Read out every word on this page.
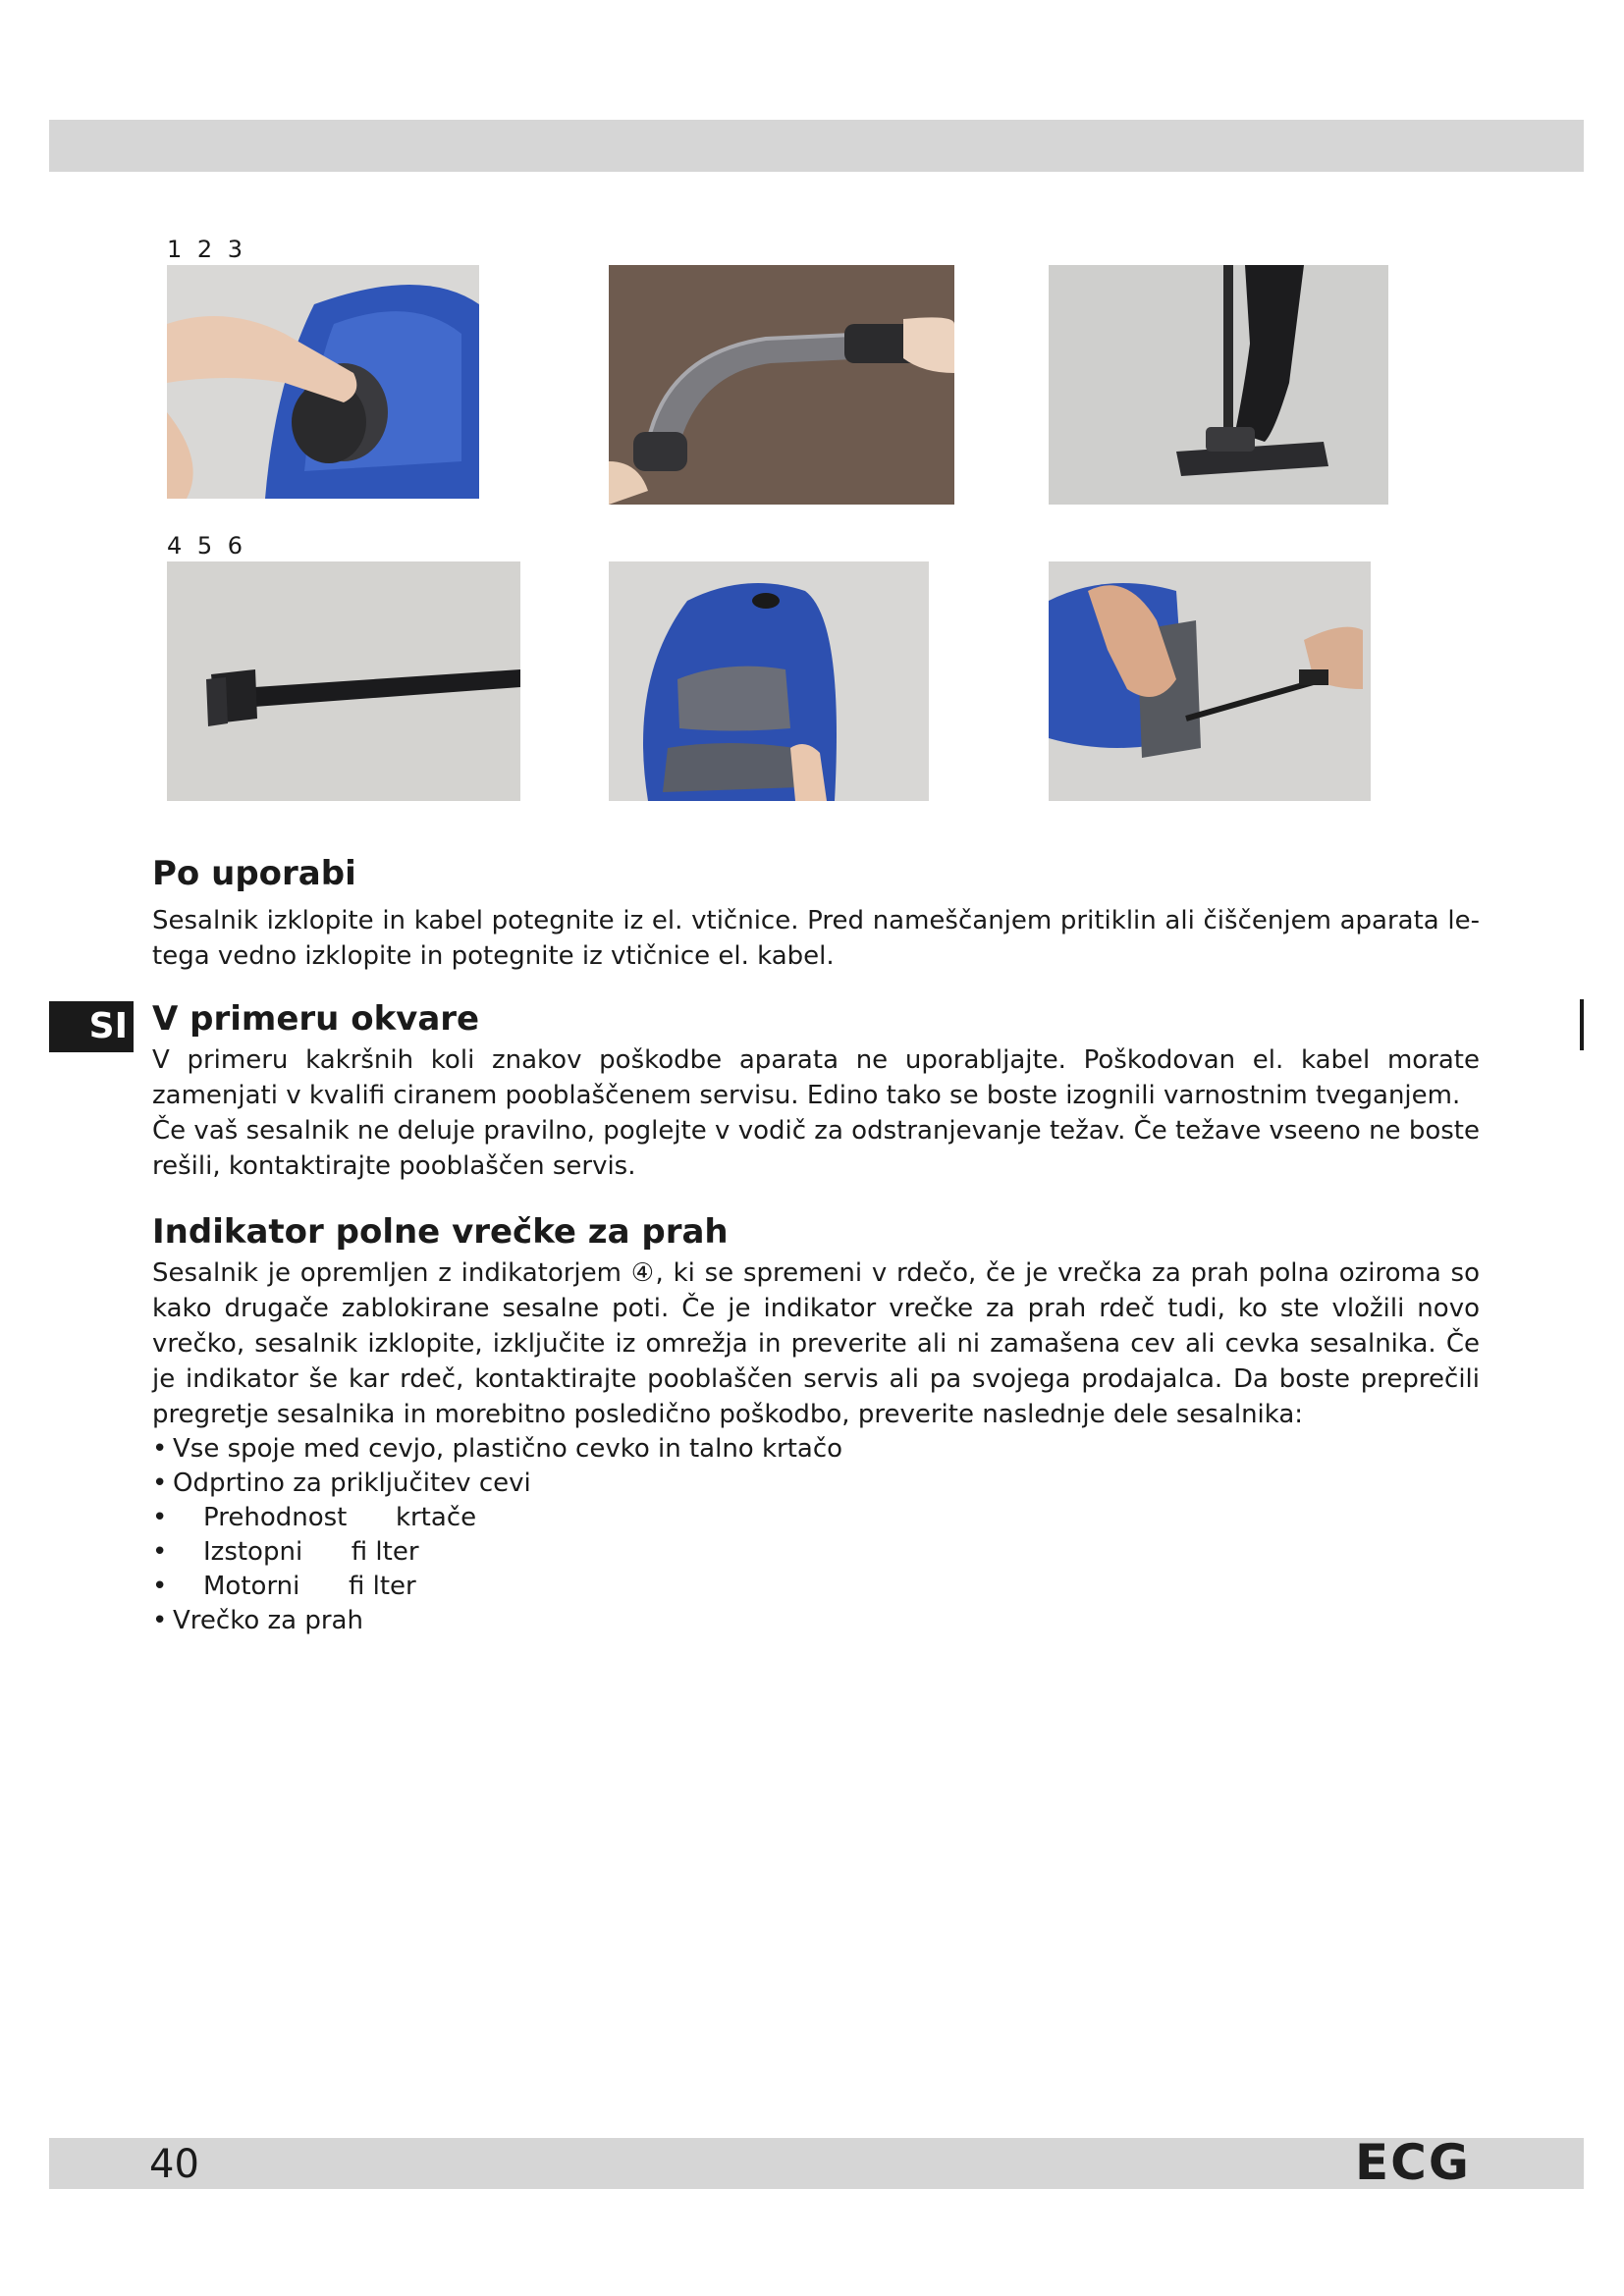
1 2 3
4 5 6
SI
Po uporabi

Sesalnik izklopite in kabel potegnite iz el. vtičnice. Pred nameščanjem pritiklin ali čiščenjem aparata le-tega vedno izklopite in potegnite iz vtičnice el. kabel.

V primeru okvare

V primeru kakršnih koli znakov poškodbe aparata ne uporabljajte. Poškodovan el. kabel morate zamenjati v kvalifi ciranem pooblaščenem servisu. Edino tako se boste izognili varnostnim tveganjem.

Če vaš sesalnik ne deluje pravilno, poglejte v vodič za odstranjevanje težav. Če težave vseeno ne boste rešili, kontaktirajte pooblaščen servis.

Indikator polne vrečke za prah

Sesalnik je opremljen z indikatorjem ④, ki se spremeni v rdečo, če je vrečka za prah polna oziroma so kako drugače zablokirane sesalne poti. Če je indikator vrečke za prah rdeč tudi, ko ste vložili novo vrečko, sesalnik izklopite, izključite iz omrežja in preverite ali ni zamašena cev ali cevka sesalnika. Če je indikator še kar rdeč, kontaktirajte pooblaščen servis ali pa svojega prodajalca. Da boste preprečili pregretje sesalnika in morebitno posledično poškodbo, preverite naslednje dele sesalnika:

• Vse spoje med cevjo, plastično cevko in talno krtačo
• Odprtino za priključitev cevi
• Prehodnost      krtače
• Izstopni      fi lter
• Motorni      fi lter
• Vrečko za prah
40	ECG
